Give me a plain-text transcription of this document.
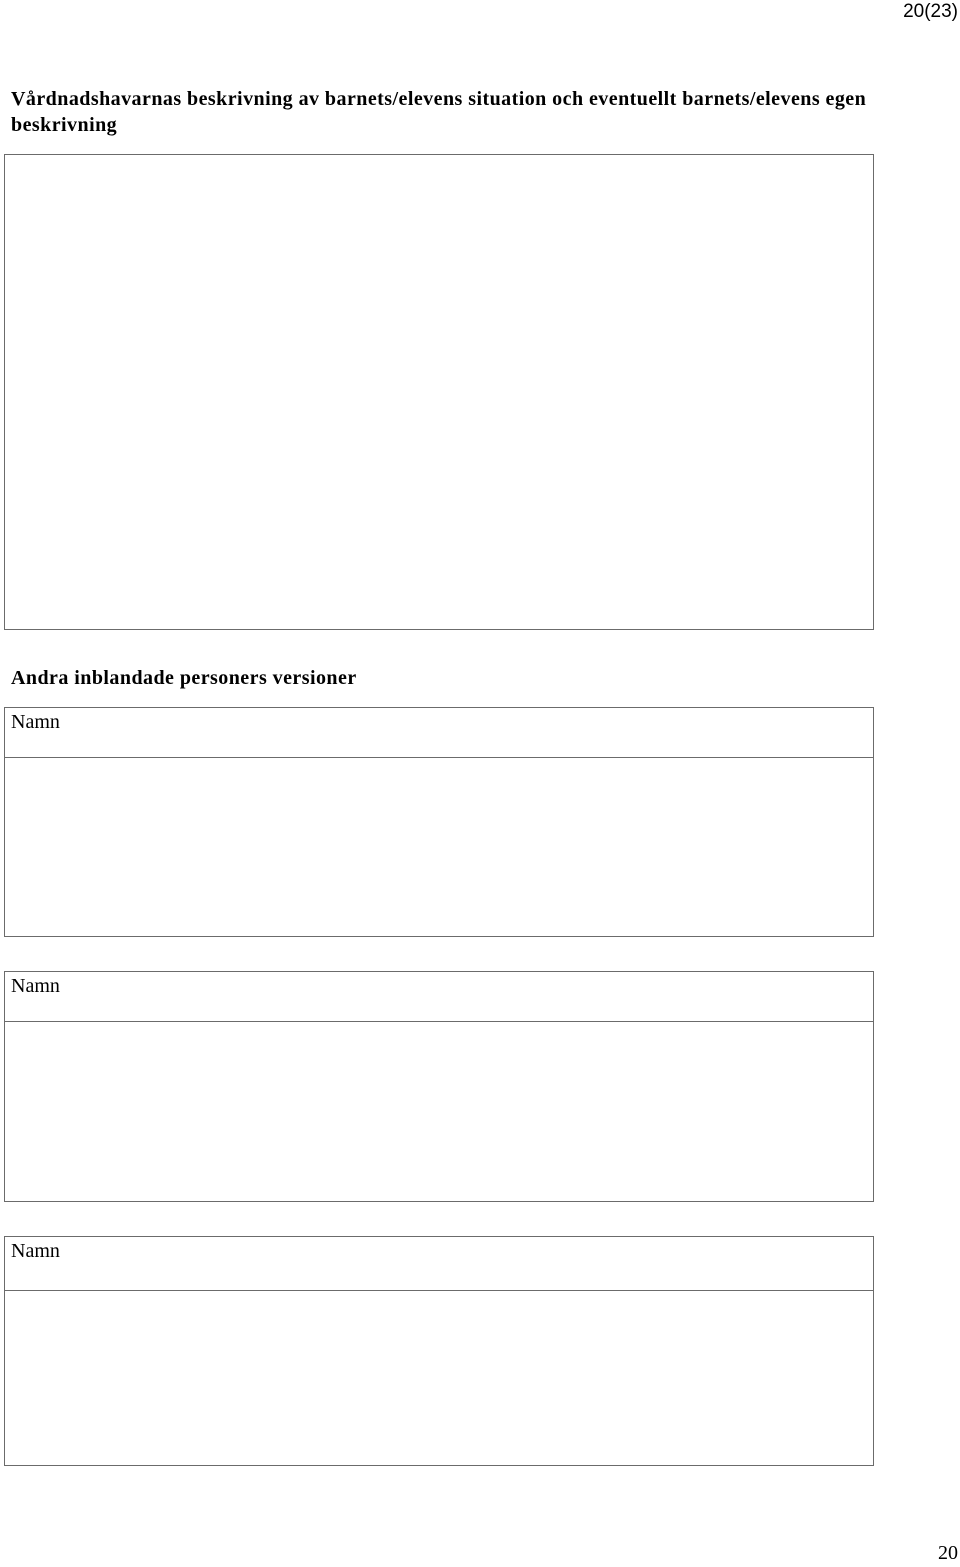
20(23)
Vårdnadshavarnas beskrivning av barnets/elevens situation och eventuellt barnets/elevens egen beskrivning
Andra inblandade personers versioner
Namn
Namn
Namn
20
